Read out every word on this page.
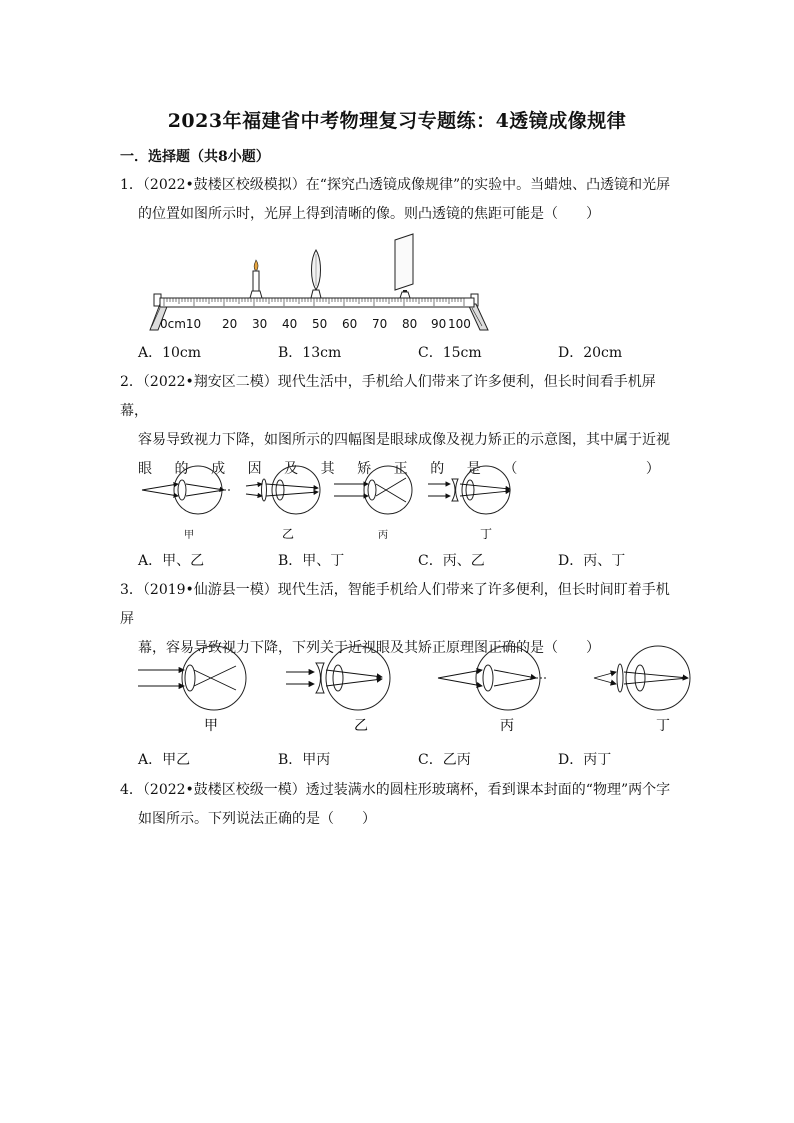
2023年福建省中考物理复习专题练：4透镜成像规律
一．选择题（共8小题）
1．（2022•鼓楼区校级模拟）在“探究凸透镜成像规律”的实验中。当蜡烛、凸透镜和光屏
的位置如图所示时，光屏上得到清晰的像。则凸透镜的焦距可能是（　　）
0cm10 20 30 40 50 60 70 80 90 100
A．10cm	B．13cm	C．15cm	D．20cm
2．（2022•翔安区二模）现代生活中，手机给人们带来了许多便利，但长时间看手机屏幕，
容易导致视力下降，如图所示的四幅图是眼球成像及视力矫正的示意图，其中属于近视
眼 的 成 因 及 其 矫 正 的 是 （	）
甲	乙	丙	丁
A．甲、乙	B．甲、丁	C．丙、乙	D．丙、丁
3．（2019•仙游县一模）现代生活，智能手机给人们带来了许多便利，但长时间盯着手机屏
幕，容易导致视力下降，下列关于近视眼及其矫正原理图正确的是（　　）
甲	乙	丙	丁
A．甲乙	B．甲丙	C．乙丙	D．丙丁
4．（2022•鼓楼区校级一模）透过装满水的圆柱形玻璃杯，看到课本封面的“物理”两个字
如图所示。下列说法正确的是（　　）
